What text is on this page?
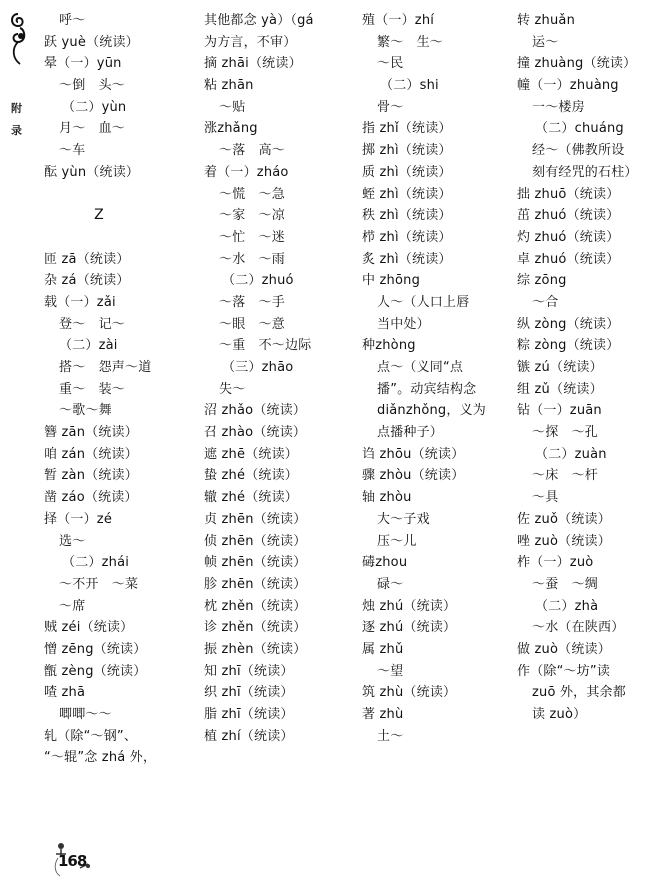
附
录
呼～
跃 yuè（统读）
晕（一）yūn
～倒　头～
（二）yùn
月～　血～
～车
酝 yùn（统读）
Z
匝 zā（统读）
杂 zá（统读）
载（一）zǎi
登～　记～
（二）zài
搭～　怨声～道
重～　装～
～歌～舞
簪 zān（统读）
咱 zán（统读）
暂 zàn（统读）
凿 záo（统读）
择（一）zé
选～
（二）zhái
～不开　～菜
～席
贼 zéi（统读）
憎 zēng（统读）
甑 zèng（统读）
喳 zhā
唧唧～～
轧（除“～钢”、
“～辊”念 zhá 外，
其他都念 yà）（gá
为方言，不审）
摘 zhāi（统读）
粘 zhān
～贴
涨zhǎng
～落　高～
着（一）zháo
～慌　～急
～家　～凉
～忙　～迷
～水　～雨
（二）zhuó
～落　～手
～眼　～意
～重　不～边际
（三）zhāo
失～
沼 zhǎo（统读）
召 zhào（统读）
遮 zhē（统读）
蛰 zhé（统读）
辙 zhé（统读）
贞 zhēn（统读）
侦 zhēn（统读）
帧 zhēn（统读）
胗 zhēn（统读）
枕 zhěn（统读）
诊 zhěn（统读）
振 zhèn（统读）
知 zhī（统读）
织 zhī（统读）
脂 zhī（统读）
植 zhí（统读）
殖（一）zhí
繁～　生～
～民
（二）shi
骨～
指 zhǐ（统读）
掷 zhì（统读）
质 zhì（统读）
蛭 zhì（统读）
秩 zhì（统读）
栉 zhì（统读）
炙 zhì（统读）
中 zhōng
人～（人口上唇
当中处）
种zhòng
点～（义同“点
播”。动宾结构念
diǎnzhǒng，义为
点播种子）
诌 zhōu（统读）
骤 zhòu（统读）
轴 zhòu
大～子戏
压～儿
碡zhou
碌～
烛 zhú（统读）
逐 zhú（统读）
属 zhǔ
～望
筑 zhù（统读）
著 zhù
土～
转 zhuǎn
运～
撞 zhuàng（统读）
幢（一）zhuàng
一～楼房
（二）chuáng
经～（佛教所设
刻有经咒的石柱）
拙 zhuō（统读）
茁 zhuó（统读）
灼 zhuó（统读）
卓 zhuó（统读）
综 zōng
～合
纵 zòng（统读）
粽 zòng（统读）
镞 zú（统读）
组 zǔ（统读）
钻（一）zuān
～探　～孔
（二）zuàn
～床　～杆
～具
佐 zuǒ（统读）
唑 zuò（统读）
柞（一）zuò
～蚕　～绸
（二）zhà
～水（在陕西）
做 zuò（统读）
作（除“～坊”读
zuō 外，其余都
读 zuò）
168
